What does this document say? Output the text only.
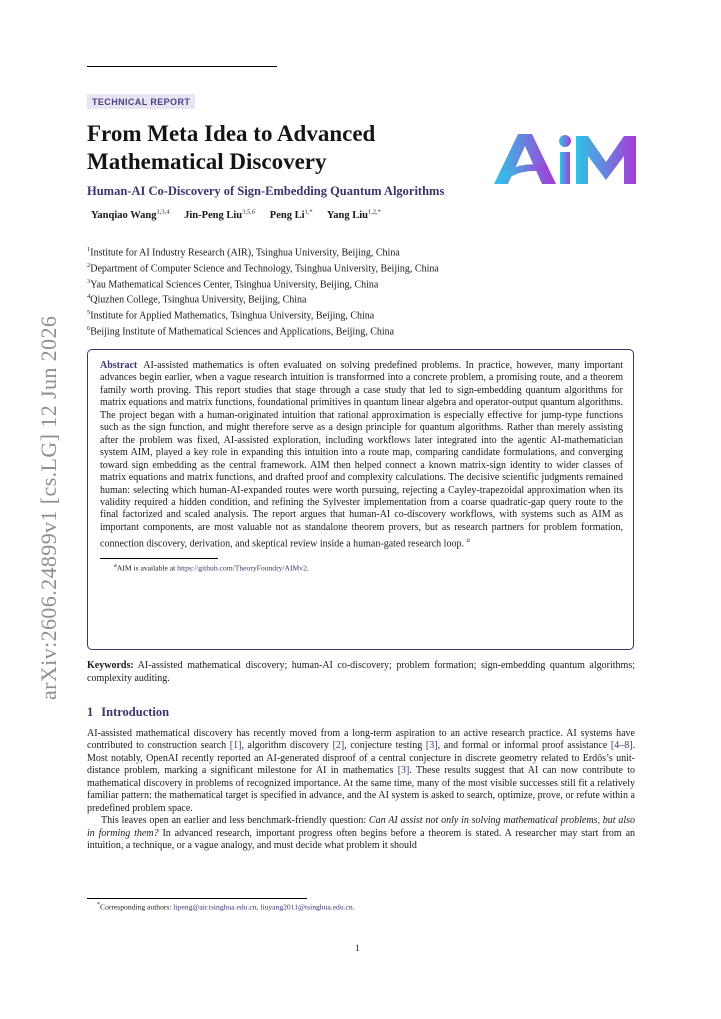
arXiv:2606.24899v1 [cs.LG] 12 Jun 2026
TECHNICAL REPORT
From Meta Idea to Advanced
Mathematical Discovery
Human-AI Co-Discovery of Sign-Embedding Quantum Algorithms
Yanqiao Wang$^{1,3,4}$ Jin-Peng Liu$^{3,5,6}$ Peng $Li^{1,*}$ Yang Liu$^{1,2,*}$
$^1$Institute for AI Industry Research (AIR), Tsinghua University, Beijing, China
$^2$Department of Computer Science and Technology, Tsinghua University, Beijing, China
$^3$Yau Mathematical Sciences Center, Tsinghua University, Beijing, China
$^4$Qiuzhen College, Tsinghua University, Beijing, China
$^5$Institute for Applied Mathematics, Tsinghua University, Beijing, China
$^6$Beijing Institute of Mathematical Sciences and Applications, Beijing, China

Abstract AI-assisted mathematics is often evaluated on solving predefined problems. In practice, however, many important advances begin earlier, when a vague research intuition is transformed into a concrete problem, a promising route, and a theorem family worth proving. This report studies that stage through a case study that led to sign-embedding quantum algorithms for matrix equations and matrix functions, foundational primitives in quantum linear algebra and operator-output quantum algorithms. The project began with a human-originated intuition that rational approximation is especially effective for jump-type functions such as the sign function, and might therefore serve as a design principle for quantum algorithms. Rather than merely assisting after the problem was fixed, AI-assisted exploration, including workflows later integrated into the agentic AI-mathematician system AIM, played a key role in expanding this intuition into a route map, comparing candidate formulations, and converging toward sign embedding as the central framework. AIM then helped connect a known matrix-sign identity to wider classes of matrix equations and matrix functions, and drafted proof and complexity calculations. The decisive scientific judgments remained human: selecting which human-AI-expanded routes were worth pursuing, rejecting a Cayley-trapezoidal approximation when its validity required a hidden condition, and refining the Sylvester implementation from a coarse quadratic-gap query route to the final factorized and scaled analysis. The report argues that human-AI co-discovery workflows, with systems such as AIM as important components, are most valuable not as standalone theorem provers, but as research partners for problem formation, connection discovery, derivation, and skeptical review inside a human-gated research loop. $^a$

$^a$AIM is available at https://github.com/TheoryFoundry/AIMv2.
Keywords: AI-assisted mathematical discovery; human-AI co-discovery; problem formation; sign-embedding quantum algorithms; complexity auditing.
1 Introduction

AI-assisted mathematical discovery has recently moved from a long-term aspiration to an active research practice. AI systems have contributed to construction search [1], algorithm discovery [2], conjecture testing [3], and formal or informal proof assistance [4–8]. Most notably, OpenAI recently reported an AI-generated disproof of a central conjecture in discrete geometry related to Erdős’s unit-distance problem, marking a significant milestone for AI in mathematics [3]. These results suggest that AI can now contribute to mathematical discovery in problems of recognized importance. At the same time, many of the most visible successes still fit a relatively familiar pattern: the mathematical target is specified in advance, and the AI system is asked to search, optimize, prove, or refute within a predefined problem space.

This leaves open an earlier and less benchmark-friendly question: Can AI assist not only in solving mathematical problems, but also in forming them? In advanced research, important progress often begins before a theorem is stated. A researcher may start from an intuition, a technique, or a vague analogy, and must decide what problem it should

*Corresponding authors: lipeng@air.tsinghua.edu.cn, liuyang2011@tsinghua.edu.cn.
1
